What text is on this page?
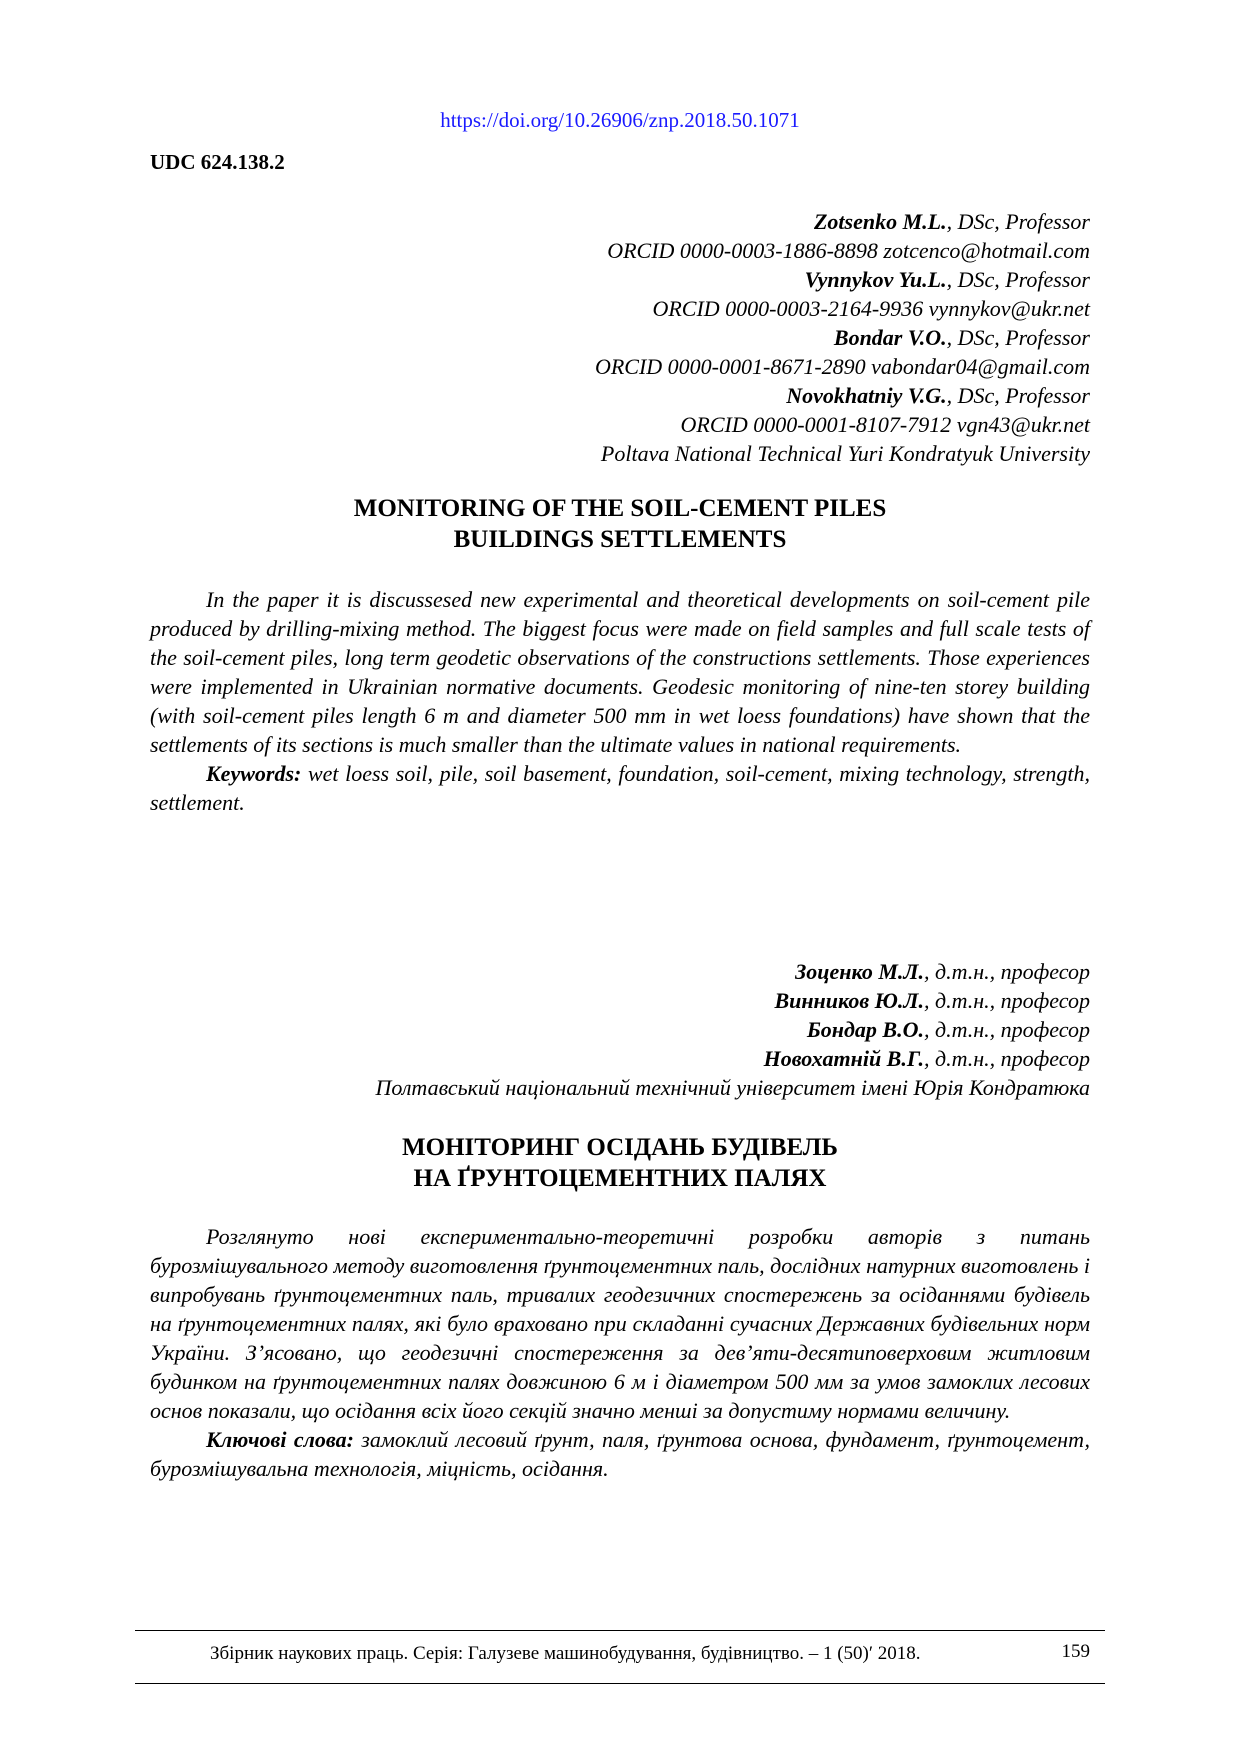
https://doi.org/10.26906/znp.2018.50.1071
UDC 624.138.2
Zotsenko M.L., DSc, Professor
ORCID 0000-0003-1886-8898 zotcenco@hotmail.com
Vynnykov Yu.L., DSc, Professor
ORCID 0000-0003-2164-9936 vynnykov@ukr.net
Bondar V.O., DSc, Professor
ORCID 0000-0001-8671-2890 vabondar04@gmail.com
Novokhatniy V.G., DSc, Professor
ORCID 0000-0001-8107-7912 vgn43@ukr.net
Poltava National Technical Yuri Kondratyuk University
MONITORING OF THE SOIL-CEMENT PILES
BUILDINGS SETTLEMENTS

In the paper it is discussesed new experimental and theoretical developments on soil-cement pile produced by drilling-mixing method. The biggest focus were made on field samples and full scale tests of the soil-cement piles, long term geodetic observations of the constructions settlements. Those experiences were implemented in Ukrainian normative documents. Geodesic monitoring of nine-ten storey building (with soil-cement piles length 6 m and diameter 500 mm in wet loess foundations) have shown that the settlements of its sections is much smaller than the ultimate values in national requirements.

Keywords: wet loess soil, pile, soil basement, foundation, soil-cement, mixing technology, strength, settlement.

Зоценко М.Л., д.т.н., професор
Винников Ю.Л., д.т.н., професор
Бондар В.О., д.т.н., професор
Новохатній В.Г., д.т.н., професор
Полтавський національний технічний університет імені Юрія Кондратюка
МОНІТОРИНГ ОСІДАНЬ БУДІВЕЛЬ
НА ҐРУНТОЦЕМЕНТНИХ ПАЛЯХ

Розглянуто нові експериментально-теоретичні розробки авторів з питань бурозмішувального методу виготовлення ґрунтоцементних паль, дослідних натурних виготовлень і випробувань ґрунтоцементних паль, тривалих геодезичних спостережень за осіданнями будівель на ґрунтоцементних палях, які було враховано при складанні сучасних Державних будівельних норм України. З’ясовано, що геодезичні спостереження за дев’яти-десятиповерховим житловим будинком на ґрунтоцементних палях довжиною 6 м і діаметром 500 мм за умов замоклих лесових основ показали, що осідання всіх його секцій значно менші за допустиму нормами величину.

Ключові слова: замоклий лесовий ґрунт, паля, ґрунтова основа, фундамент, ґрунтоцемент, бурозмішувальна технологія, міцність, осідання.

Збірник наукових праць. Серія: Галузеве машинобудування, будівництво. – 1 (50)′ 2018.	159
